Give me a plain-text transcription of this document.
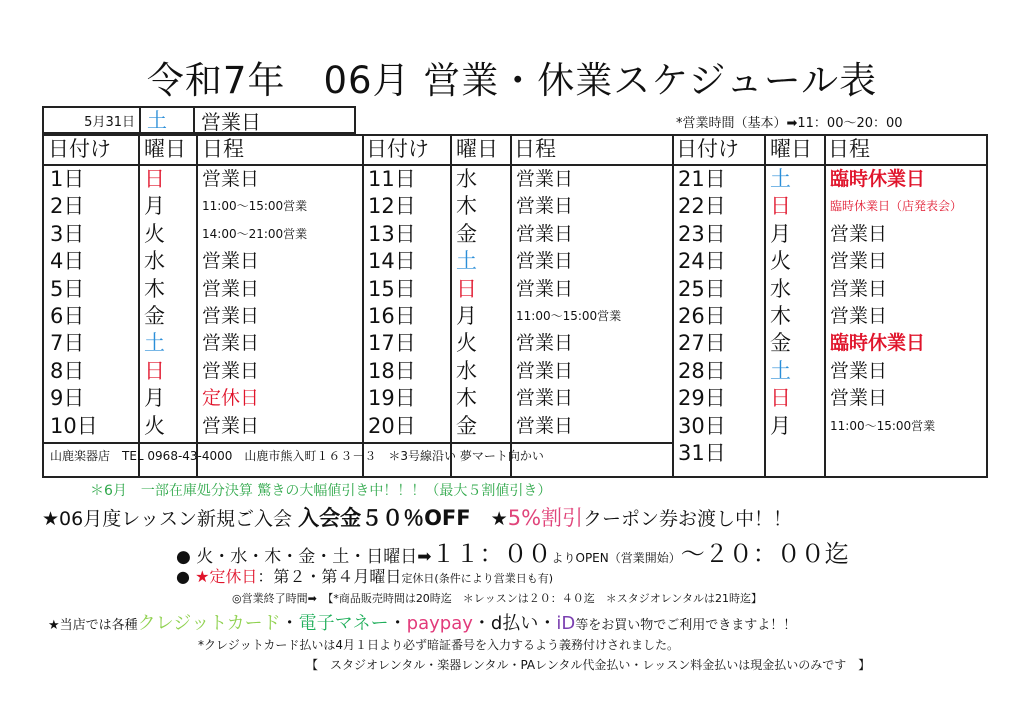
令和7年　06月 営業・休業スケジュール表
5月31日 土	営業日	*営業時間（基本）➡11：00～20：00
日付け	曜日 日程
1日	日	営業日
2日	月	11:00～15:00営業
3日	火	14:00～21:00営業
4日	水	営業日
5日	木	営業日
6日	金	営業日
7日	土	営業日
8日	日	営業日
9日	月	定休日
10日	火	営業日
日付け	曜日 日程
11日	水	営業日
12日	木	営業日
13日	金	営業日
14日	土	営業日
15日	日	営業日
16日	月	11:00～15:00営業
17日	火	営業日
18日	水	営業日
19日	木	営業日
20日	金	営業日
日付け	曜日 日程
21日	土	臨時休業日
22日	日	臨時休業日（店発表会）
23日	月	営業日
24日	火	営業日
25日	水	営業日
26日	木	営業日
27日	金	臨時休業日
28日	土	営業日
29日	日	営業日
30日	月	11:00～15:00営業
31日
山鹿楽器店　TEL 0968-43-4000　山鹿市熊入町１６３－３　＊3号線沿い 夢マート向かい
＊6月　一部在庫処分決算 驚きの大幅値引き中！！！（最大５割値引き）
★06月度レッスン新規ご入会 入会金５０％OFF ★5%割引クーポン券お渡し中！！
● 火・水・木・金・土・日曜日➡１１：００よりOPEN（営業開始）～２０：００迄
● ★定休日：第２・第４月曜日定休日(条件により営業日も有)
◎営業終了時間➡　【*商品販売時間は20時迄　＊レッスンは２０：４０迄　＊スタジオレンタルは21時迄】
★当店では各種クレジットカード・電子マネー・paypay・d払い・iD等をお買い物でご利用できますよ！！
*クレジットカード払いは4月１日より必ず暗証番号を入力するよう義務付けされました。
【　スタジオレンタル・楽器レンタル・PAレンタル代金払い・レッスン料金払いは現金払いのみです　】
